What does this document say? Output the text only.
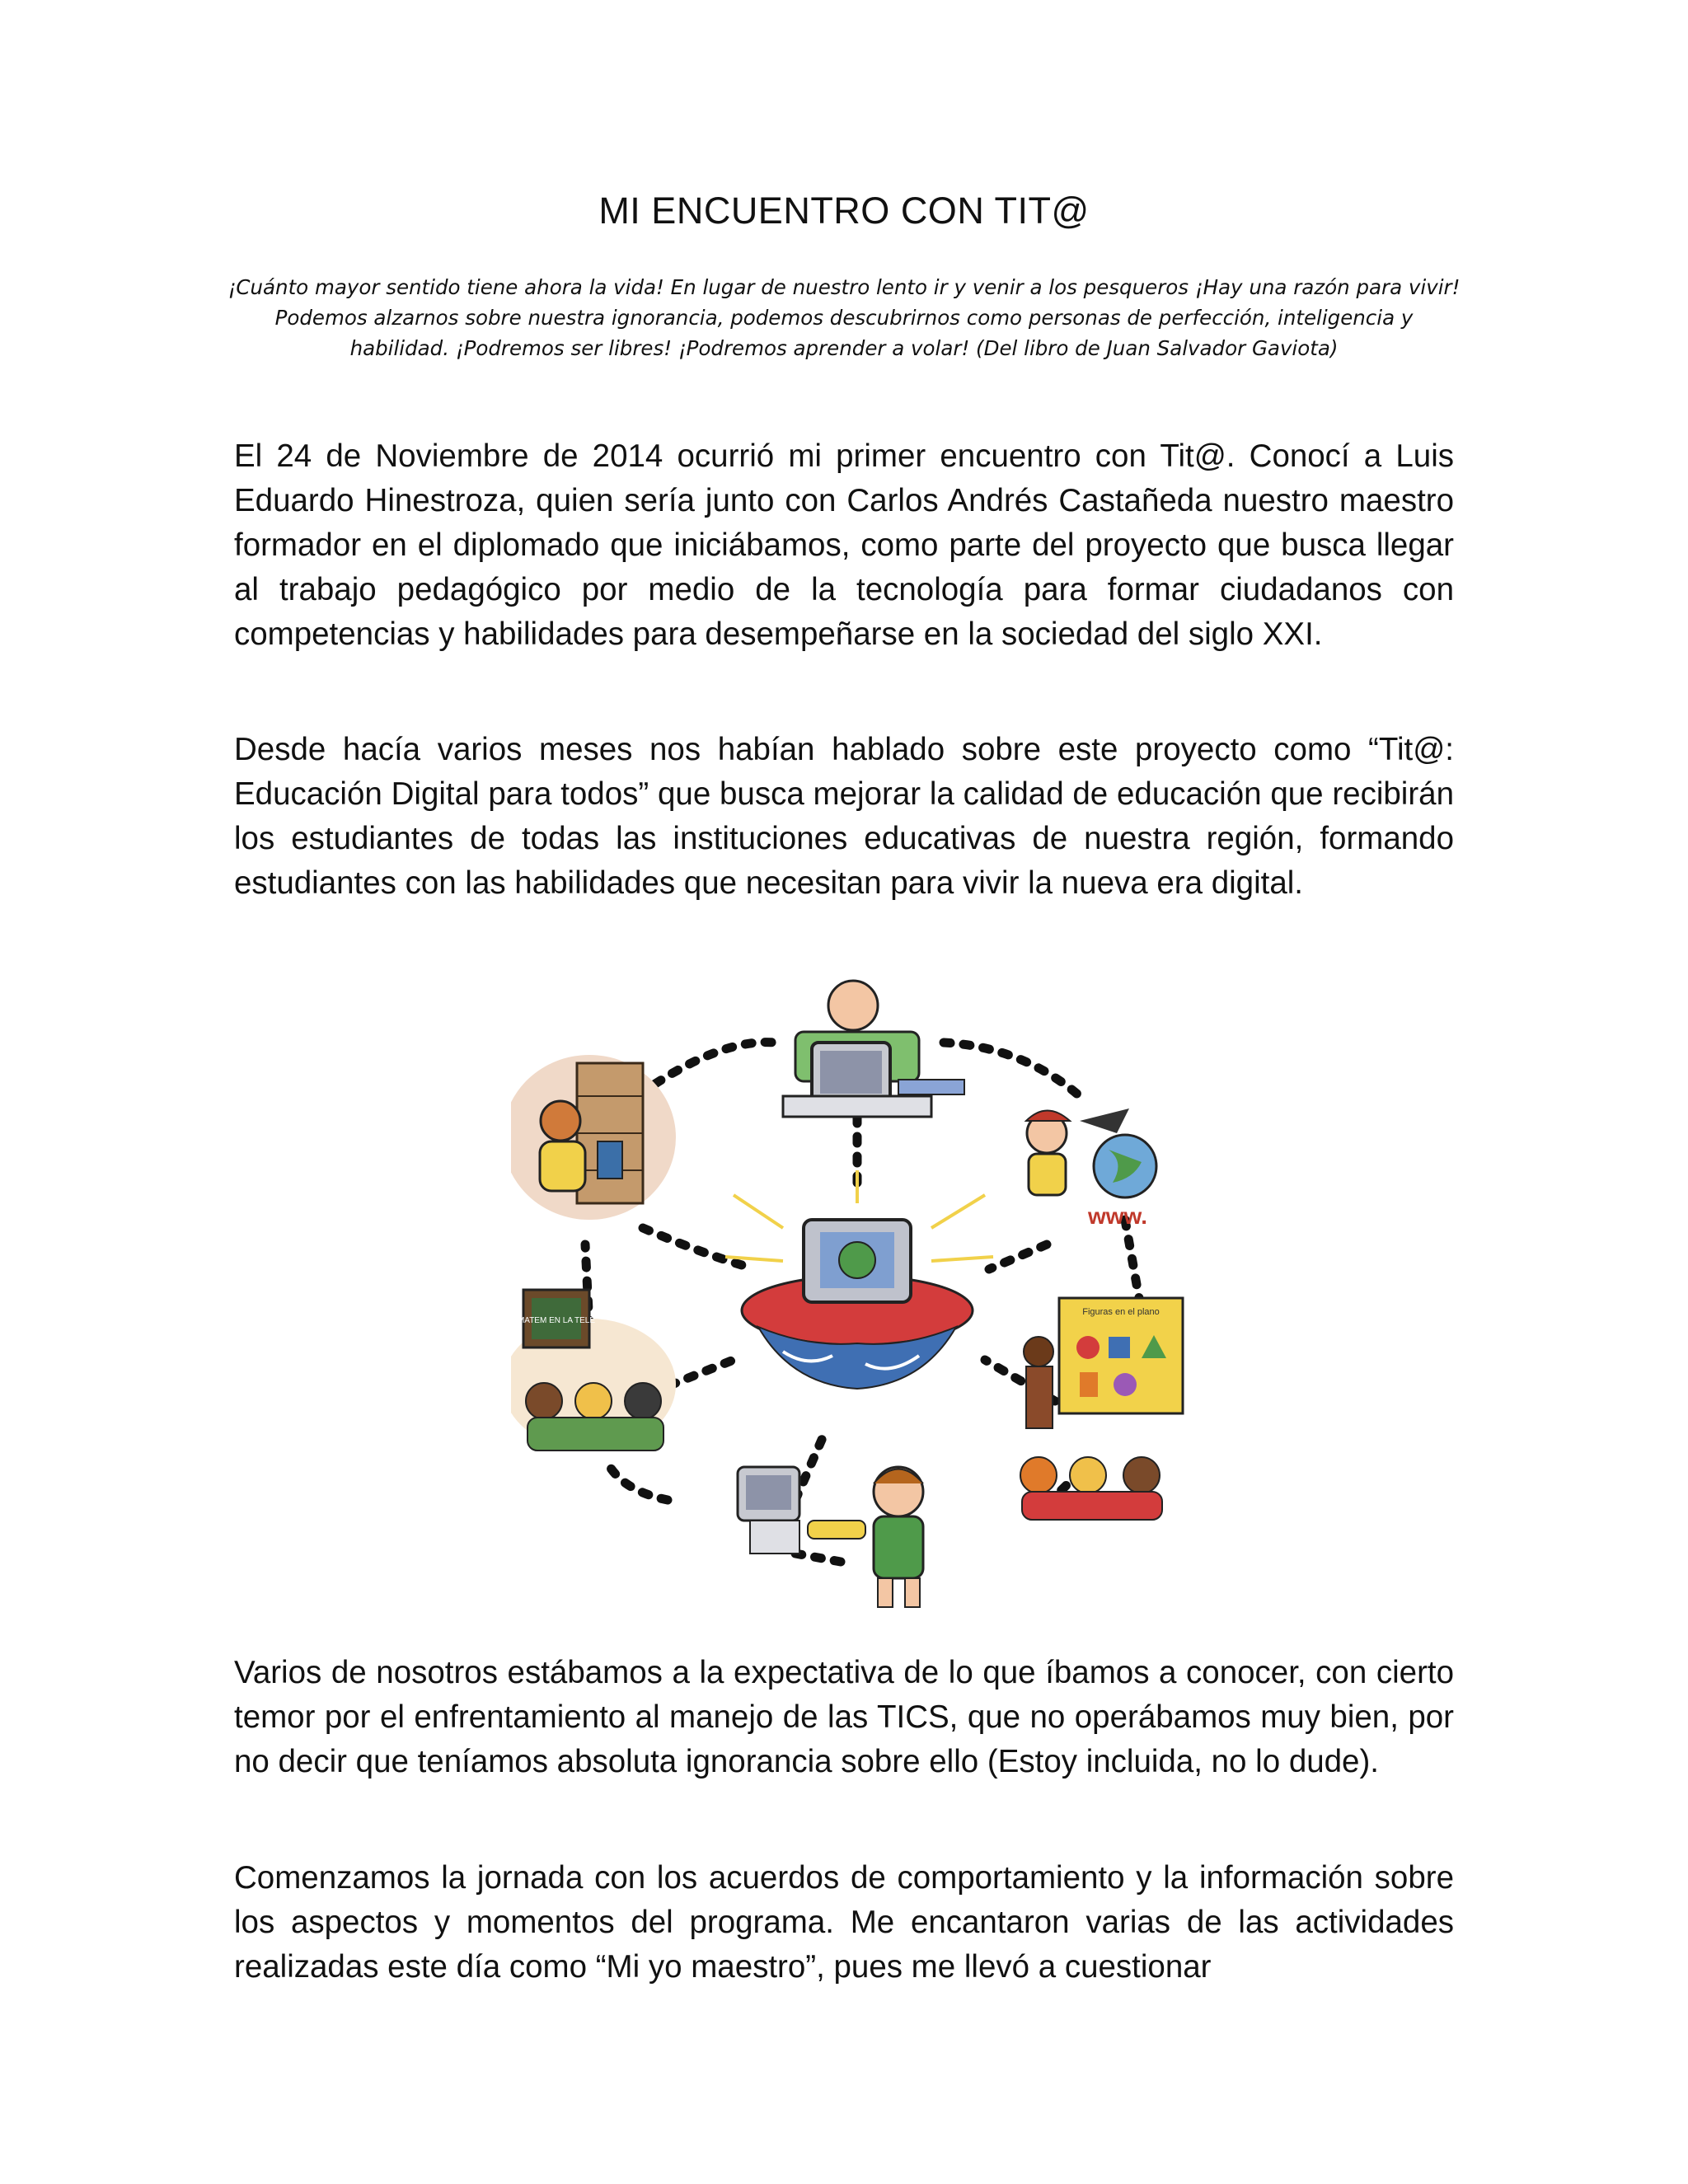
MI ENCUENTRO CON TIT@

¡Cuánto mayor sentido tiene ahora la vida! En lugar de nuestro lento ir y venir a los pesqueros ¡Hay una razón para vivir! Podemos alzarnos sobre nuestra ignorancia, podemos descubrirnos como personas de perfección, inteligencia y habilidad. ¡Podremos ser libres! ¡Podremos aprender a volar! (Del libro de Juan Salvador Gaviota)

El 24 de Noviembre de 2014 ocurrió mi primer encuentro con Tit@. Conocí a Luis Eduardo Hinestroza, quien sería junto con Carlos Andrés Castañeda nuestro maestro formador en el diplomado que iniciábamos, como parte del proyecto que busca llegar al trabajo pedagógico por medio de la tecnología para formar ciudadanos con competencias y habilidades para desempeñarse en la sociedad del siglo XXI.

Desde hacía varios meses nos habían hablado sobre este proyecto como “Tit@: Educación Digital para todos” que busca mejorar la calidad de educación que recibirán los estudiantes de todas las instituciones educativas de nuestra región, formando estudiantes con las habilidades que necesitan para vivir la nueva era digital.

www.
MATEM EN LA TELE
Figuras en el plano

Varios de nosotros estábamos a la expectativa de lo que íbamos a conocer, con cierto temor por el enfrentamiento al manejo de las TICS, que no operábamos muy bien, por no decir que teníamos absoluta ignorancia sobre ello (Estoy incluida, no lo dude).

Comenzamos la jornada con los acuerdos de comportamiento y la información sobre los aspectos y momentos del programa. Me encantaron varias de las actividades realizadas este día como “Mi yo maestro”, pues me llevó a cuestionar
